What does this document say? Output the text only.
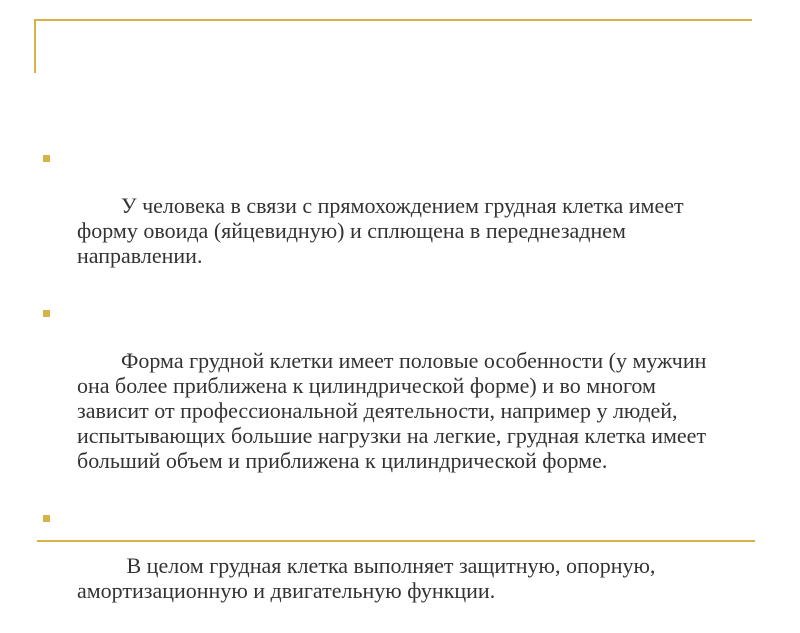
У человека в связи с прямохождением грудная клетка имеет форму овоида (яйцевидную) и сплющена в переднезаднем направлении.

Форма грудной клетки имеет половые особенности (у мужчин она более приближена к цилиндрической форме) и во многом зависит от профессиональной деятельности, например у людей, испытывающих большие нагрузки на легкие, грудная клетка имеет больший объем и приближена к цилиндрической форме.

В целом грудная клетка выполняет защитную, опорную, амортизационную и двигательную функции.
